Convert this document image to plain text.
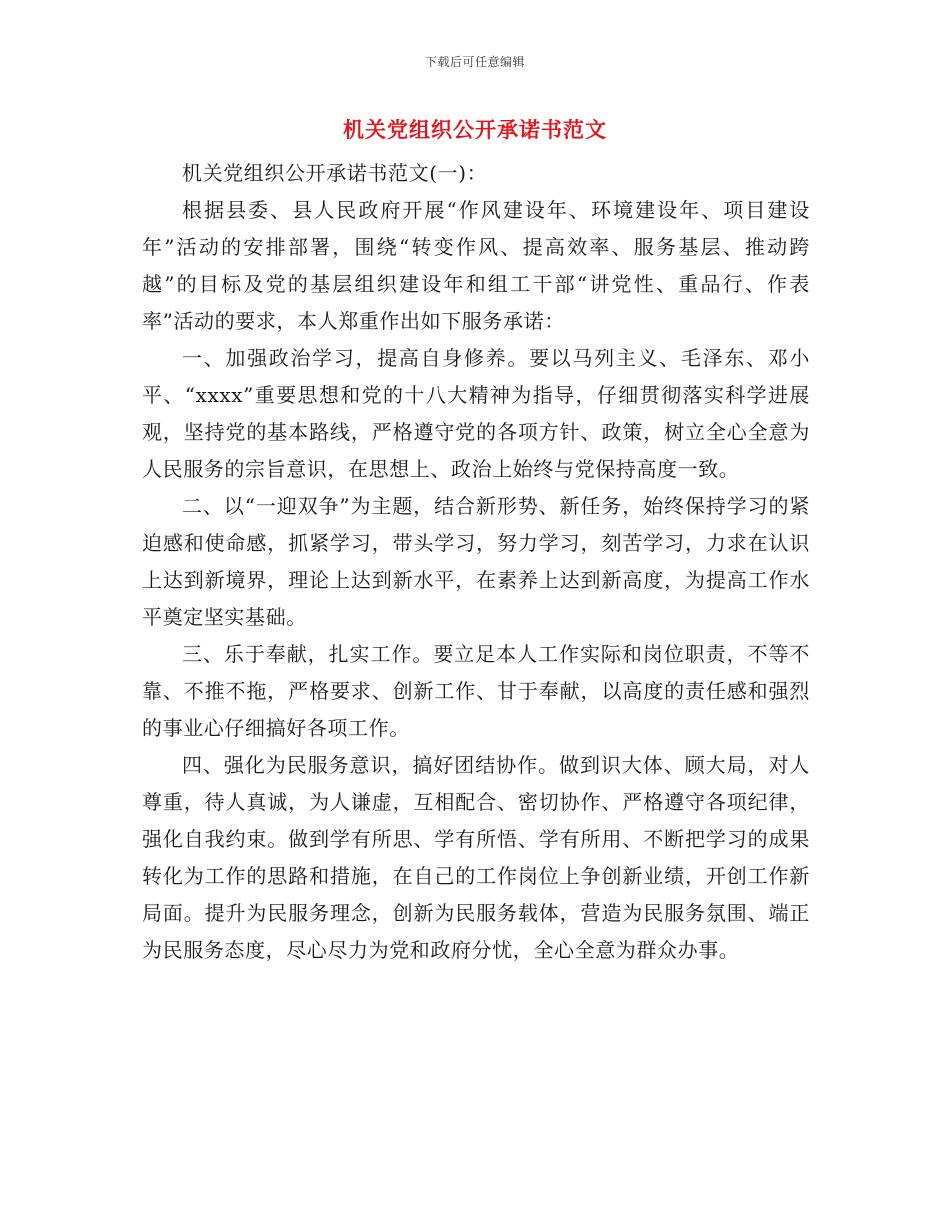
下载后可任意编辑
机关党组织公开承诺书范文

机关党组织公开承诺书范文(一)：

根据县委、县人民政府开展“作风建设年、环境建设年、项目建设年”活动的安排部署，围绕“转变作风、提高效率、服务基层、推动跨越”的目标及党的基层组织建设年和组工干部“讲党性、重品行、作表率”活动的要求，本人郑重作出如下服务承诺：

一、加强政治学习，提高自身修养。要以马列主义、毛泽东、邓小平、“xxxx”重要思想和党的十八大精神为指导，仔细贯彻落实科学进展观，坚持党的基本路线，严格遵守党的各项方针、政策，树立全心全意为人民服务的宗旨意识，在思想上、政治上始终与党保持高度一致。

二、以“一迎双争”为主题，结合新形势、新任务，始终保持学习的紧迫感和使命感，抓紧学习，带头学习，努力学习，刻苦学习，力求在认识上达到新境界，理论上达到新水平，在素养上达到新高度，为提高工作水平奠定坚实基础。

三、乐于奉献，扎实工作。要立足本人工作实际和岗位职责，不等不靠、不推不拖，严格要求、创新工作、甘于奉献，以高度的责任感和强烈的事业心仔细搞好各项工作。

四、强化为民服务意识，搞好团结协作。做到识大体、顾大局，对人尊重，待人真诚，为人谦虚，互相配合、密切协作、严格遵守各项纪律，强化自我约束。做到学有所思、学有所悟、学有所用、不断把学习的成果转化为工作的思路和措施，在自己的工作岗位上争创新业绩，开创工作新局面。提升为民服务理念，创新为民服务载体，营造为民服务氛围、端正为民服务态度，尽心尽力为党和政府分忧，全心全意为群众办事。
